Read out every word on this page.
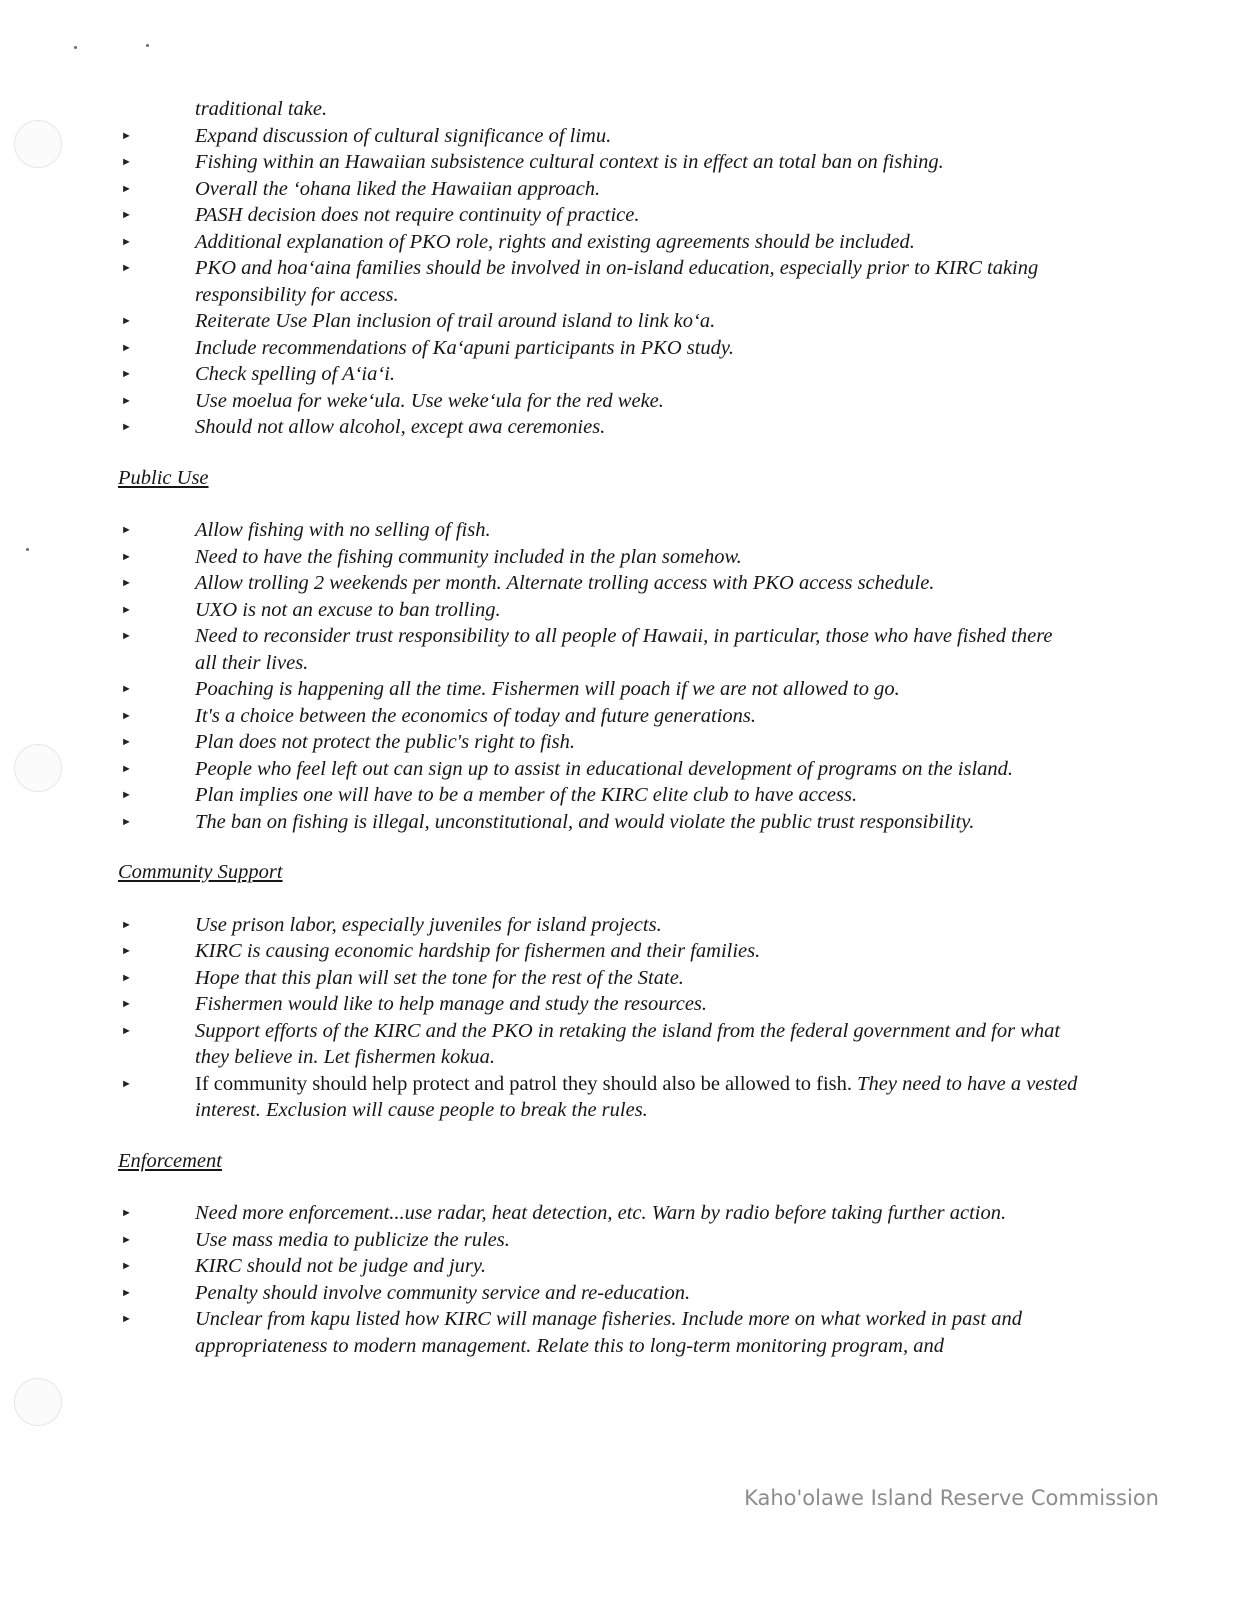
traditional take.
►	Expand discussion of cultural significance of limu.
►	Fishing within an Hawaiian subsistence cultural context is in effect an total ban on fishing.
►	Overall the ‘ohana liked the Hawaiian approach.
►	PASH decision does not require continuity of practice.
►	Additional explanation of PKO role, rights and existing agreements should be included.
►	PKO and hoa‘aina families should be involved in on-island education, especially prior to KIRC taking responsibility for access.
►	Reiterate Use Plan inclusion of trail around island to link ko‘a.
►	Include recommendations of Ka‘apuni participants in PKO study.
►	Check spelling of A‘ia‘i.
►	Use moelua for weke‘ula. Use weke‘ula for the red weke.
►	Should not allow alcohol, except awa ceremonies.
Public Use
►	Allow fishing with no selling of fish.
►	Need to have the fishing community included in the plan somehow.
►	Allow trolling 2 weekends per month. Alternate trolling access with PKO access schedule.
►	UXO is not an excuse to ban trolling.
►	Need to reconsider trust responsibility to all people of Hawaii, in particular, those who have fished there all their lives.
►	Poaching is happening all the time. Fishermen will poach if we are not allowed to go.
►	It's a choice between the economics of today and future generations.
►	Plan does not protect the public's right to fish.
►	People who feel left out can sign up to assist in educational development of programs on the island.
►	Plan implies one will have to be a member of the KIRC elite club to have access.
►	The ban on fishing is illegal, unconstitutional, and would violate the public trust responsibility.
Community Support
►	Use prison labor, especially juveniles for island projects.
►	KIRC is causing economic hardship for fishermen and their families.
►	Hope that this plan will set the tone for the rest of the State.
►	Fishermen would like to help manage and study the resources.
►	Support efforts of the KIRC and the PKO in retaking the island from the federal government and for what they believe in. Let fishermen kokua.
►	If community should help protect and patrol they should also be allowed to fish. They need to have a vested interest. Exclusion will cause people to break the rules.
Enforcement
►	Need more enforcement...use radar, heat detection, etc. Warn by radio before taking further action.
►	Use mass media to publicize the rules.
►	KIRC should not be judge and jury.
►	Penalty should involve community service and re-education.
►	Unclear from kapu listed how KIRC will manage fisheries. Include more on what worked in past and appropriateness to modern management. Relate this to long-term monitoring program, and
Kaho'olawe Island Reserve Commission
